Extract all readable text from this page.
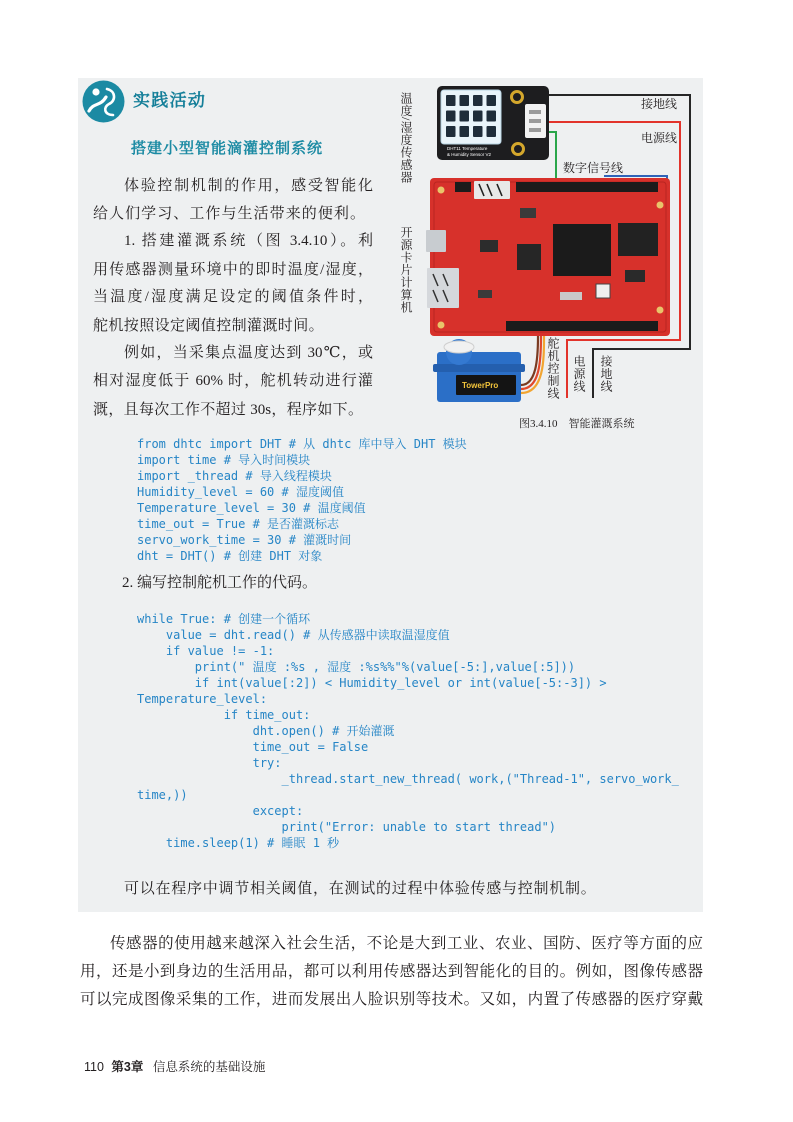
实践活动
搭建小型智能滴灌控制系统
体验控制机制的作用，感受智能化
给人们学习、工作与生活带来的便利。
1. 搭建灌溉系统（图 3.4.10）。利
用传感器测量环境中的即时温度/湿度，
当温度/湿度满足设定的阈值条件时，
舵机按照设定阈值控制灌溉时间。
例如，当采集点温度达到 30℃，或
相对湿度低于 60% 时，舵机转动进行灌
溉，且每次工作不超过 30s，程序如下。
DHT11 Temperature
& Humidity Sensor V2
TowerPro
温度/湿度传感器
开源卡片计算机
舵机控制线 电源线 接地线
接地线
电源线
数字信号线
图3.4.10　智能灌溉系统
from dhtc import DHT # 从 dhtc 库中导入 DHT 模块
import time # 导入时间模块
import _thread # 导入线程模块
Humidity_level = 60 # 湿度阈值
Temperature_level = 30 # 温度阈值
time_out = True # 是否灌溉标志
servo_work_time = 30 # 灌溉时间
dht = DHT() # 创建 DHT 对象
2. 编写控制舵机工作的代码。
while True: # 创建一个循环
value = dht.read() # 从传感器中读取温湿度值
if value != -1:
print(" 温度 :%s , 湿度 :%s%%"%(value[-5:],value[:5]))
if int(value[:2]) < Humidity_level or int(value[-5:-3]) >
Temperature_level:
if time_out:
dht.open() # 开始灌溉
time_out = False
try:
_thread.start_new_thread( work,("Thread-1", servo_work_
time,))
except:
print("Error: unable to start thread")
time.sleep(1) # 睡眠 1 秒
可以在程序中调节相关阈值，在测试的过程中体验传感与控制机制。
传感器的使用越来越深入社会生活，不论是大到工业、农业、国防、医疗等方面的应
用，还是小到身边的生活用品，都可以利用传感器达到智能化的目的。例如，图像传感器
可以完成图像采集的工作，进而发展出人脸识别等技术。又如，内置了传感器的医疗穿戴
110 第3章 信息系统的基础设施
